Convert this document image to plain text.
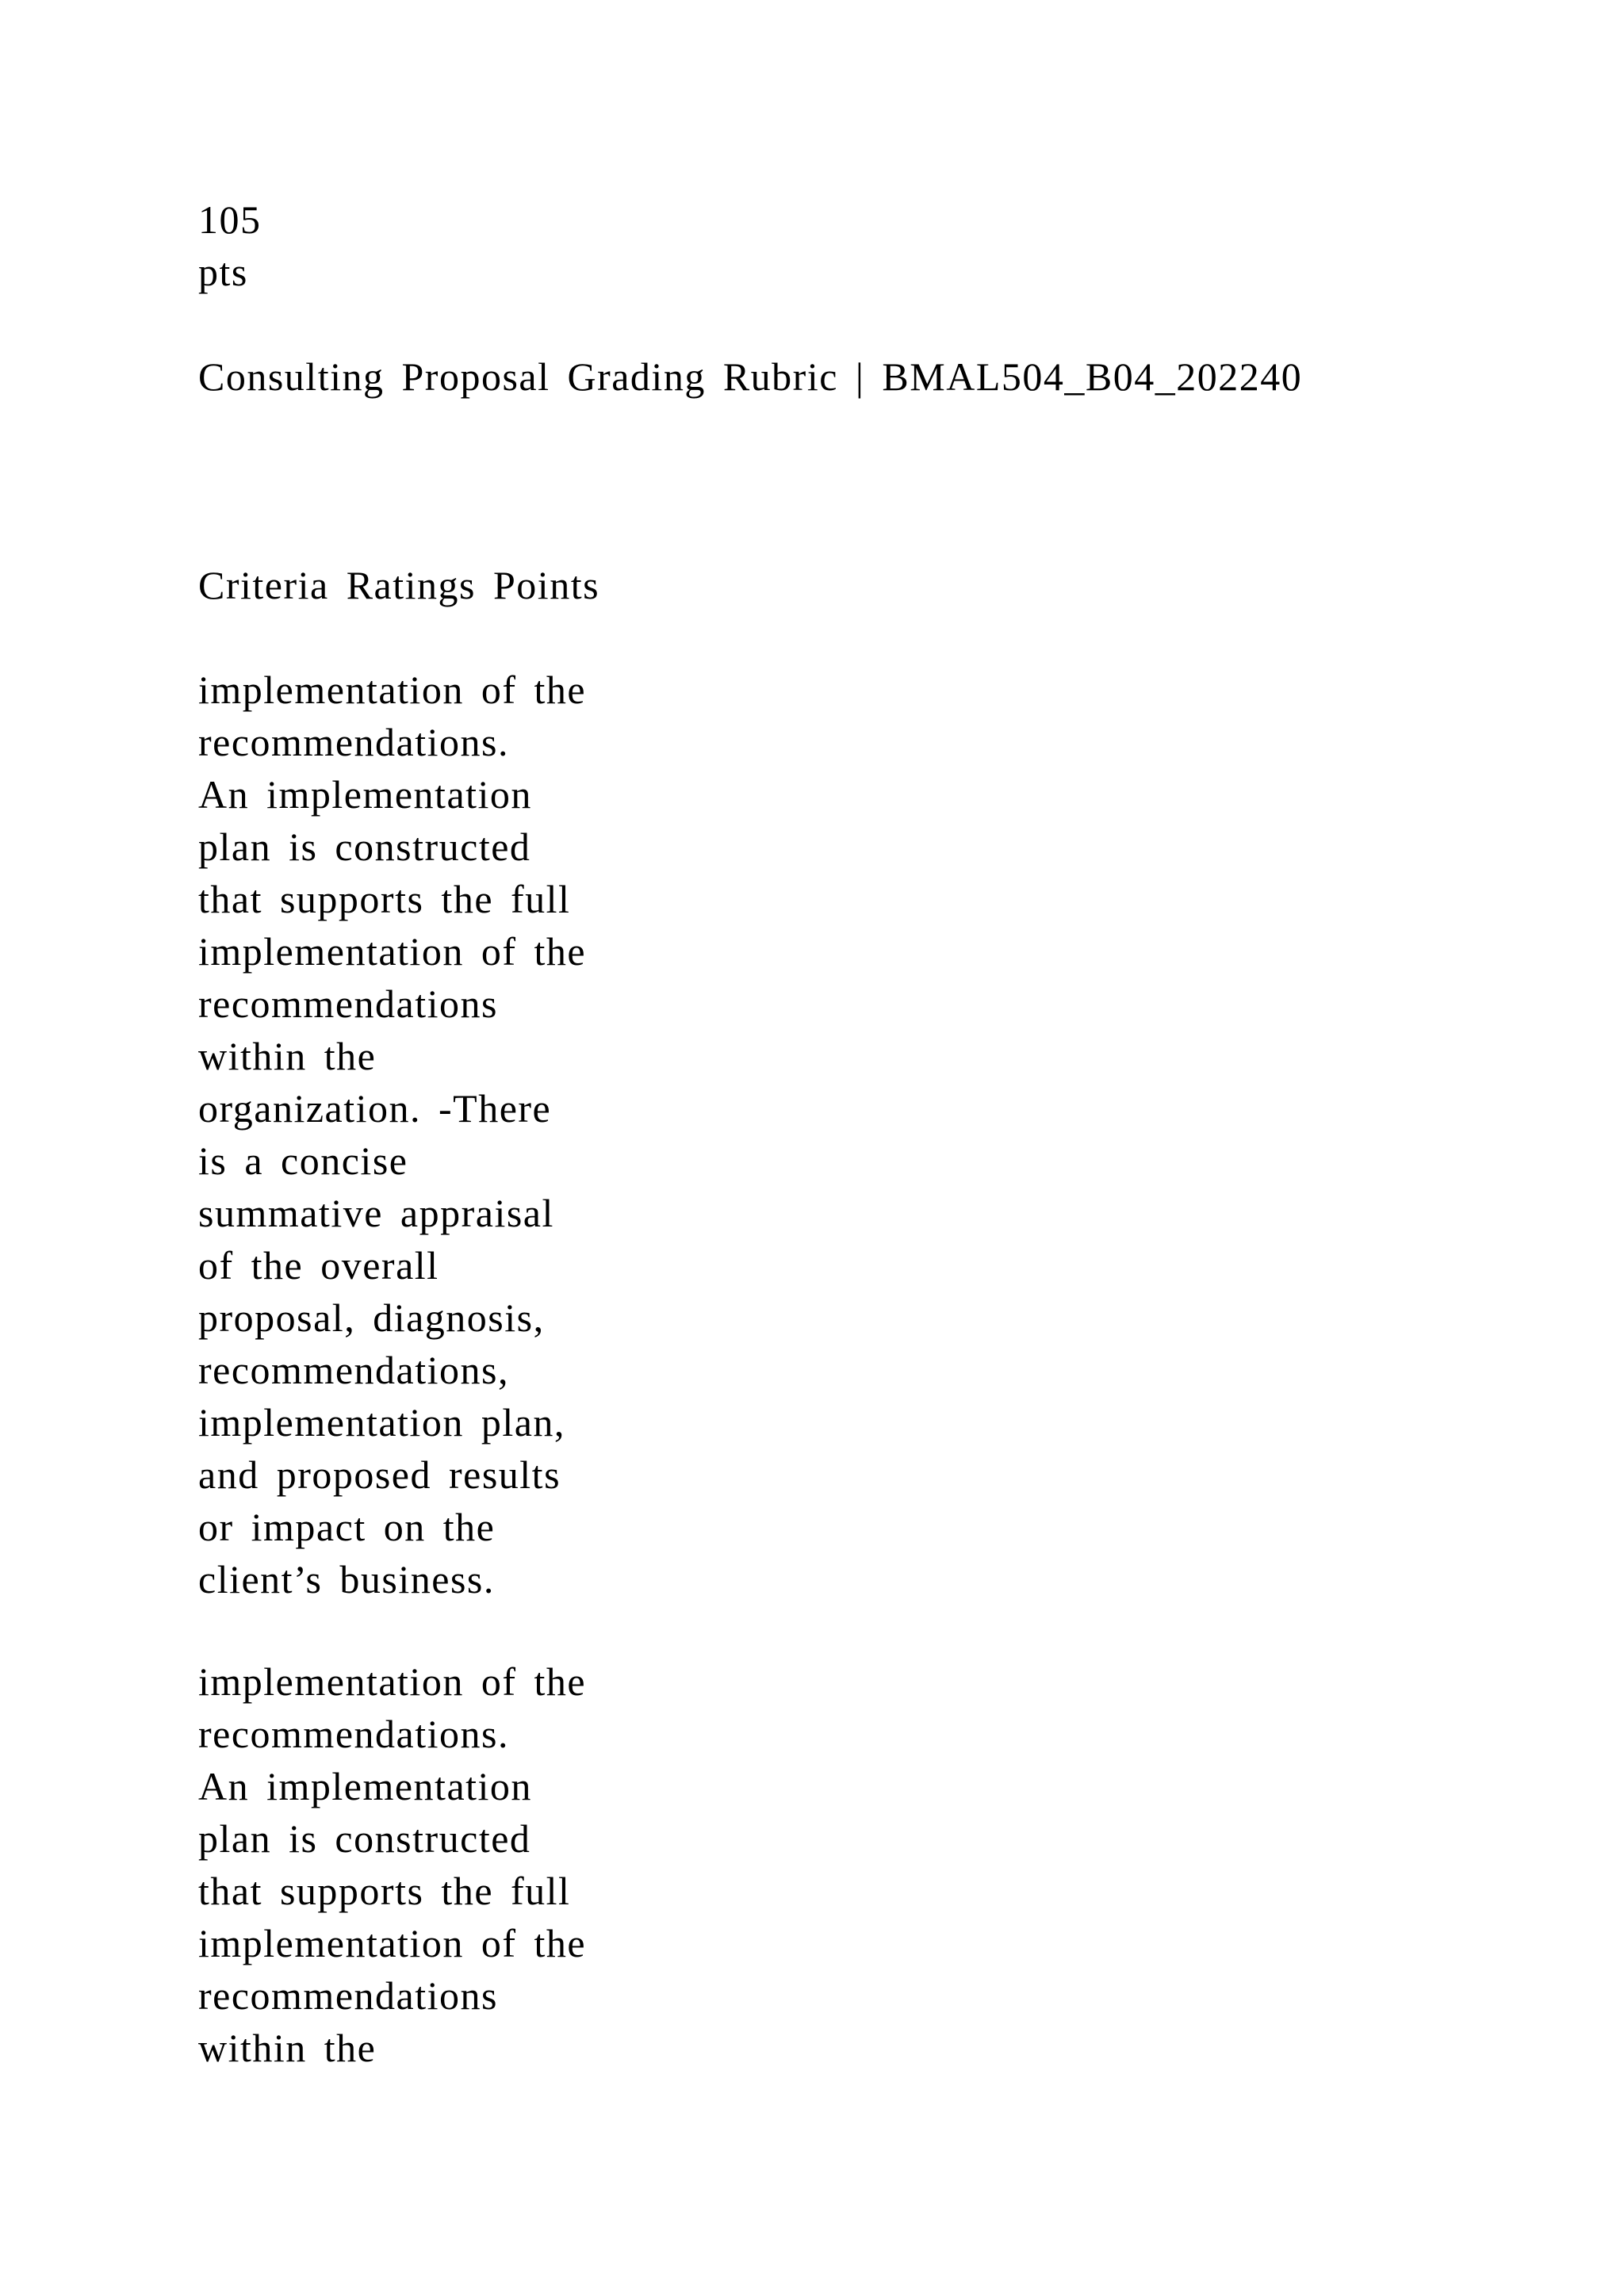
105
pts
Consulting Proposal Grading Rubric | BMAL504_B04_202240
Criteria Ratings Points
implementation of the
recommendations.
An implementation
plan is constructed
that supports the full
implementation of the
recommendations
within the
organization. -There
is a concise
summative appraisal
of the overall
proposal, diagnosis,
recommendations,
implementation plan,
and proposed results
or impact on the
client’s business.
implementation of the
recommendations.
An implementation
plan is constructed
that supports the full
implementation of the
recommendations
within the
